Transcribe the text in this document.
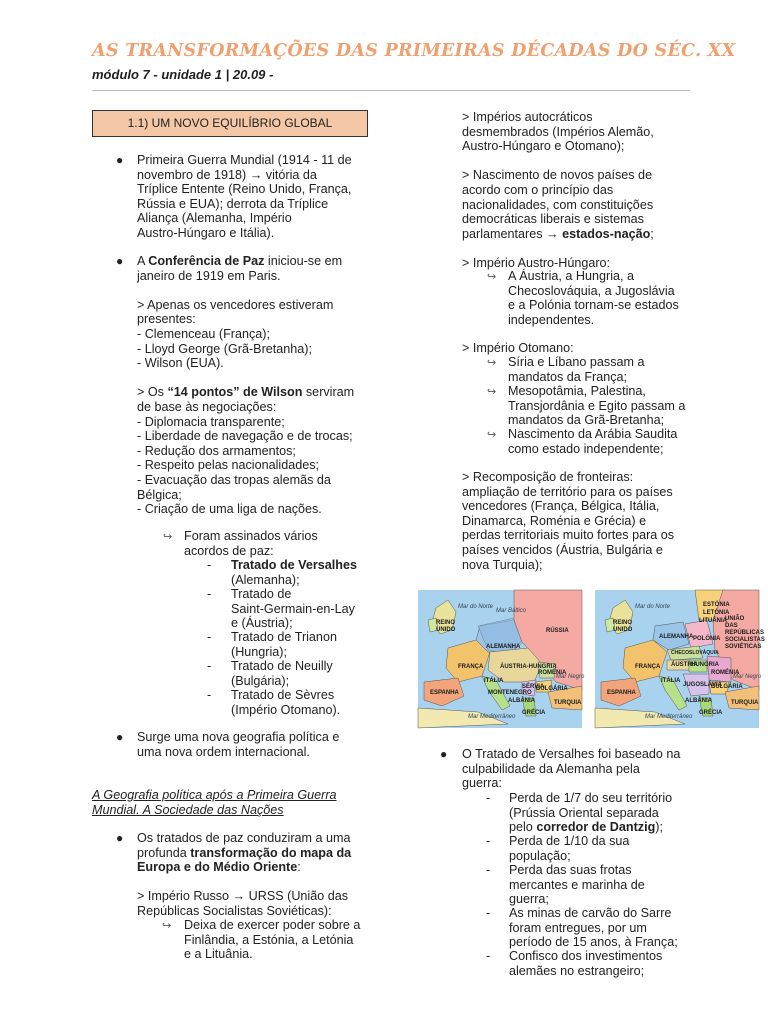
AS TRANSFORMAÇÕES DAS PRIMEIRAS DÉCADAS DO SÉC. XX
módulo 7 - unidade 1 | 20.09 -
1.1) UM NOVO EQUILÍBRIO GLOBAL
● Primeira Guerra Mundial (1914 - 11 de

novembro de 1918) → vitória da

Tríplice Entente (Reino Unido, França,

Rússia e EUA); derrota da Tríplice

Aliança (Alemanha, Império

Austro-Húngaro e Itália).

● A Conferência de Paz iniciou-se em

janeiro de 1919 em Paris.

> Apenas os vencedores estiveram

presentes:

- Clemenceau (França);

- Lloyd George (Grã-Bretanha);

- Wilson (EUA).

> Os “14 pontos” de Wilson serviram

de base às negociações:

- Diplomacia transparente;

- Liberdade de navegação e de trocas;

- Redução dos armamentos;

- Respeito pelas nacionalidades;

- Evacuação das tropas alemãs da

Bélgica;

- Criação de uma liga de nações.

↪ Foram assinados vários

acordos de paz:

- Tratado de Versalhes

(Alemanha);

- Tratado de

Saint-Germain-en-Lay

e (Áustria);

- Tratado de Trianon

(Hungria);

- Tratado de Neuilly

(Bulgária);

- Tratado de Sèvres

(Império Otomano).

● Surge uma nova geografia política e

uma nova ordem internacional.

A Geografia política após a Primeira Guerra

Mundial. A Sociedade das Nações

● Os tratados de paz conduziram a uma

profunda transformação do mapa da

Europa e do Médio Oriente:

> Império Russo → URSS (União das

Repúblicas Socialistas Soviéticas):

↪ Deixa de exercer poder sobre a

Finlândia, a Estónia, a Letónia

e a Lituânia.

> Impérios autocráticos

desmembrados (Impérios Alemão,

Austro-Húngaro e Otomano);

> Nascimento de novos países de

acordo com o princípio das

nacionalidades, com constituições

democráticas liberais e sistemas

parlamentares → estados-nação;

> Império Austro-Húngaro:

↪ A Áustria, a Hungria, a

Checoslováquia, a Jugoslávia

e a Polónia tornam-se estados

independentes.

> Império Otomano:

↪ Síria e Líbano passam a

mandatos da França;

↪ Mesopotâmia, Palestina,

Transjordânia e Egito passam a

mandatos da Grã-Bretanha;

↪ Nascimento da Arábia Saudita

como estado independente;

> Recomposição de fronteiras:

ampliação de território para os países

vencedores (França, Bélgica, Itália,

Dinamarca, Roménia e Grécia) e

perdas territoriais muito fortes para os

países vencidos (Áustria, Bulgária e

nova Turquia);

REINO UNIDO	RÚSSIA
ALEMANHA
FRANÇA	ÁUSTRIA-HUNGRIA
ROMÉNIA
ITÁLIA
SÉRVIA
BULGÁRIA
ESPANHA	MONTENEGRO
ALBÂNIA	TURQUIA
GRÉCIA
Mar do Norte
Mar Báltico
Mar Negro
Mar Mediterrâneo
REINO UNIDO
ESTÓNIA
LETÓNIA
LITUÂNIA
UNIÃO DAS REPÚBLICAS SOCIALISTAS SOVIÉTICAS
ALEMANHA POLÓNIA
CHECOSLOVÁQUIA
FRANÇA ÁUSTRIA
HUNGRIA
ROMÉNIA
ITÁLIA
JUGOSLÁVIA
BULGÁRIA
ESPANHA
ALBÂNIA	TURQUIA
GRÉCIA
Mar do Norte
Mar Negro
Mar Mediterrâneo
● O Tratado de Versalhes foi baseado na

culpabilidade da Alemanha pela

guerra:

- Perda de 1/7 do seu território

(Prússia Oriental separada

pelo corredor de Dantzig);

- Perda de 1/10 da sua

população;

- Perda das suas frotas

mercantes e marinha de

guerra;

- As minas de carvão do Sarre

foram entregues, por um

período de 15 anos, à França;

- Confisco dos investimentos

alemães no estrangeiro;
